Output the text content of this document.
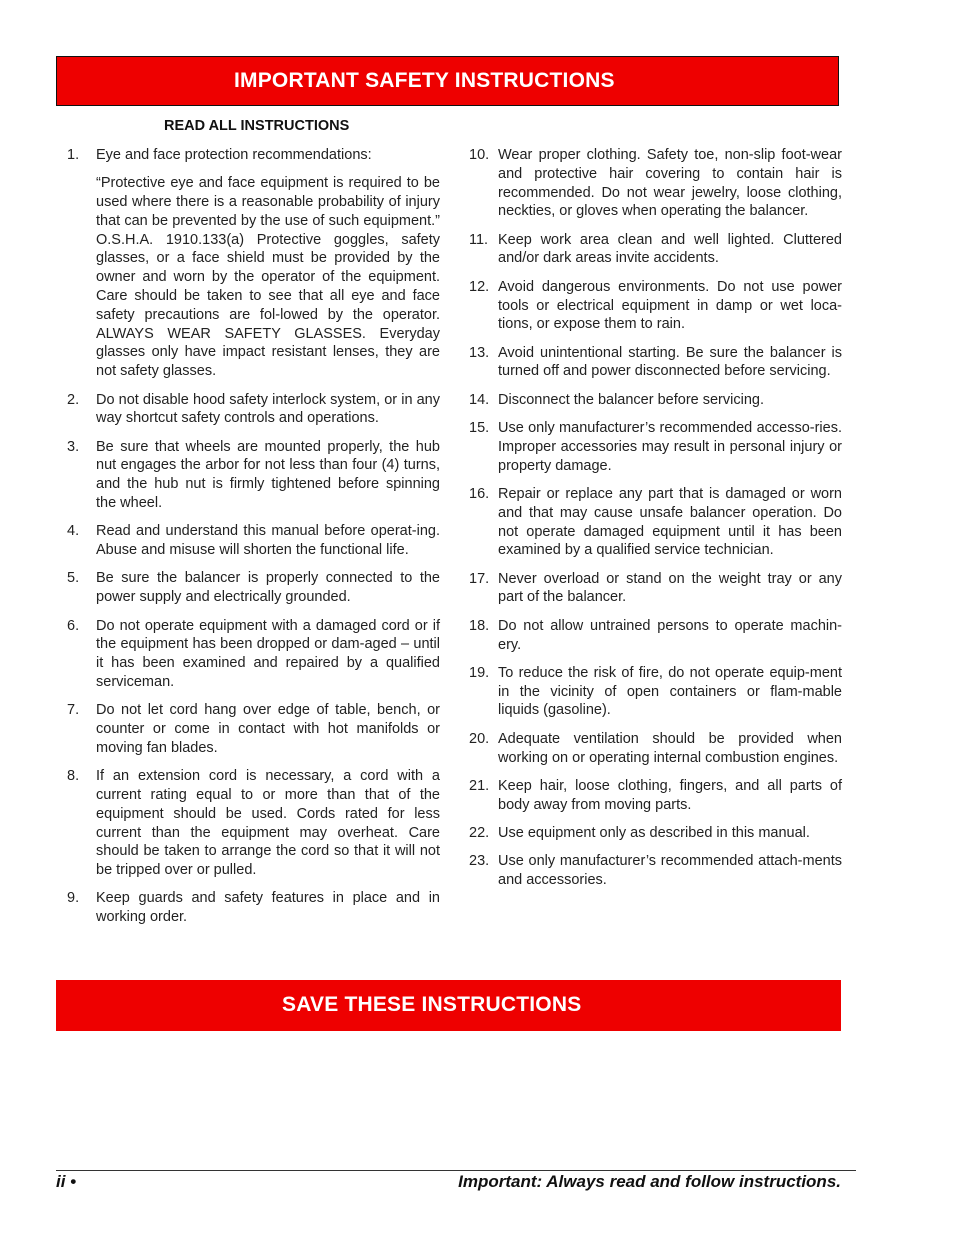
IMPORTANT SAFETY INSTRUCTIONS
READ ALL INSTRUCTIONS
1. Eye and face protection recommendations:

“Protective eye and face equipment is required to be used where there is a reasonable probability of injury that can be prevented by the use of such equipment.” O.S.H.A. 1910.133(a) Protective goggles, safety glasses, or a face shield must be provided by the owner and worn by the operator of the equipment. Care should be taken to see that all eye and face safety precautions are fol-lowed by the operator. ALWAYS WEAR SAFETY GLASSES. Everyday glasses only have impact resistant lenses, they are not safety glasses.

2. Do not disable hood safety interlock system, or in any way shortcut safety controls and operations.

3. Be sure that wheels are mounted properly, the hub nut engages the arbor for not less than four (4) turns, and the hub nut is firmly tightened before spinning the wheel.

4. Read and understand this manual before operat-ing. Abuse and misuse will shorten the functional life.

5. Be sure the balancer is properly connected to the power supply and electrically grounded.

6. Do not operate equipment with a damaged cord or if the equipment has been dropped or dam-aged – until it has been examined and repaired by a qualified serviceman.

7. Do not let cord hang over edge of table, bench, or counter or come in contact with hot manifolds or moving fan blades.

8. If an extension cord is necessary, a cord with a current rating equal to or more than that of the equipment should be used. Cords rated for less current than the equipment may overheat. Care should be taken to arrange the cord so that it will not be tripped over or pulled.

9. Keep guards and safety features in place and in working order.

10. Wear proper clothing. Safety toe, non-slip foot-wear and protective hair covering to contain hair is recommended. Do not wear jewelry, loose clothing, neckties, or gloves when operating the balancer.

11. Keep work area clean and well lighted. Cluttered and/or dark areas invite accidents.

12. Avoid dangerous environments. Do not use power tools or electrical equipment in damp or wet loca-tions, or expose them to rain.

13. Avoid unintentional starting. Be sure the balancer is turned off and power disconnected before servicing.

14. Disconnect the balancer before servicing.

15. Use only manufacturer’s recommended accesso-ries. Improper accessories may result in personal injury or property damage.

16. Repair or replace any part that is damaged or worn and that may cause unsafe balancer operation. Do not operate damaged equipment until it has been examined by a qualified service technician.

17. Never overload or stand on the weight tray or any part of the balancer.

18. Do not allow untrained persons to operate machin-ery.

19. To reduce the risk of fire, do not operate equip-ment in the vicinity of open containers or flam-mable liquids (gasoline).

20. Adequate ventilation should be provided when working on or operating internal combustion engines.

21. Keep hair, loose clothing, fingers, and all parts of body away from moving parts.

22. Use equipment only as described in this manual.

23. Use only manufacturer’s recommended attach-ments and accessories.

SAVE THESE INSTRUCTIONS
ii •	Important: Always read and follow instructions.
